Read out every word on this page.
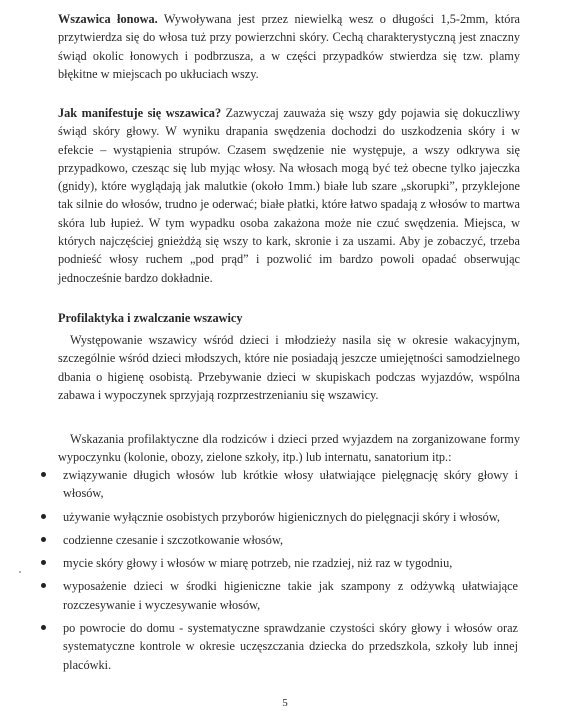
Wszawica łonowa. Wywoływana jest przez niewielką wesz o długości 1,5-2mm, która przytwierdza się do włosa tuż przy powierzchni skóry. Cechą charakterystyczną jest znaczny świąd okolic łonowych i podbrzusza, a w części przypadków stwierdza się tzw. plamy błękitne w miejscach po ukłuciach wszy.

Jak manifestuje się wszawica? Zazwyczaj zauważa się wszy gdy pojawia się dokuczliwy świąd skóry głowy. W wyniku drapania swędzenia dochodzi do uszkodzenia skóry i w efekcie – wystąpienia strupów. Czasem swędzenie nie występuje, a wszy odkrywa się przypadkowo, czesząc się lub myjąc włosy. Na włosach mogą być też obecne tylko jajeczka (gnidy), które wyglądają jak malutkie (około 1mm.) białe lub szare „skorupki”, przyklejone tak silnie do włosów, trudno je oderwać; białe płatki, które łatwo spadają z włosów to martwa skóra lub łupież. W tym wypadku osoba zakażona może nie czuć swędzenia. Miejsca, w których najczęściej gnieżdżą się wszy to kark, skronie i za uszami. Aby je zobaczyć, trzeba podnieść włosy ruchem „pod prąd” i pozwolić im bardzo powoli opadać obserwując jednocześnie bardzo dokładnie.

Profilaktyka i zwalczanie wszawicy

Występowanie wszawicy wśród dzieci i młodzieży nasila się w okresie wakacyjnym, szczególnie wśród dzieci młodszych, które nie posiadają jeszcze umiejętności samodzielnego dbania o higienę osobistą. Przebywanie dzieci w skupiskach podczas wyjazdów, wspólna zabawa i wypoczynek sprzyjają rozprzestrzenianiu się wszawicy.

Wskazania profilaktyczne dla rodziców i dzieci przed wyjazdem na zorganizowane formy wypoczynku (kolonie, obozy, zielone szkoły, itp.) lub internatu, sanatorium itp.:

związywanie długich włosów lub krótkie włosy ułatwiające pielęgnację skóry głowy i włosów,
używanie wyłącznie osobistych przyborów higienicznych do pielęgnacji skóry i włosów,
codzienne czesanie i szczotkowanie włosów,
mycie skóry głowy i włosów w miarę potrzeb, nie rzadziej, niż raz w tygodniu,
wyposażenie dzieci w środki higieniczne takie jak szampony z odżywką ułatwiające rozczesywanie i wyczesywanie włosów,
po powrocie do domu - systematyczne sprawdzanie czystości skóry głowy i włosów oraz systematyczne kontrole w okresie uczęszczania dziecka do przedszkola, szkoły lub innej placówki.
5
